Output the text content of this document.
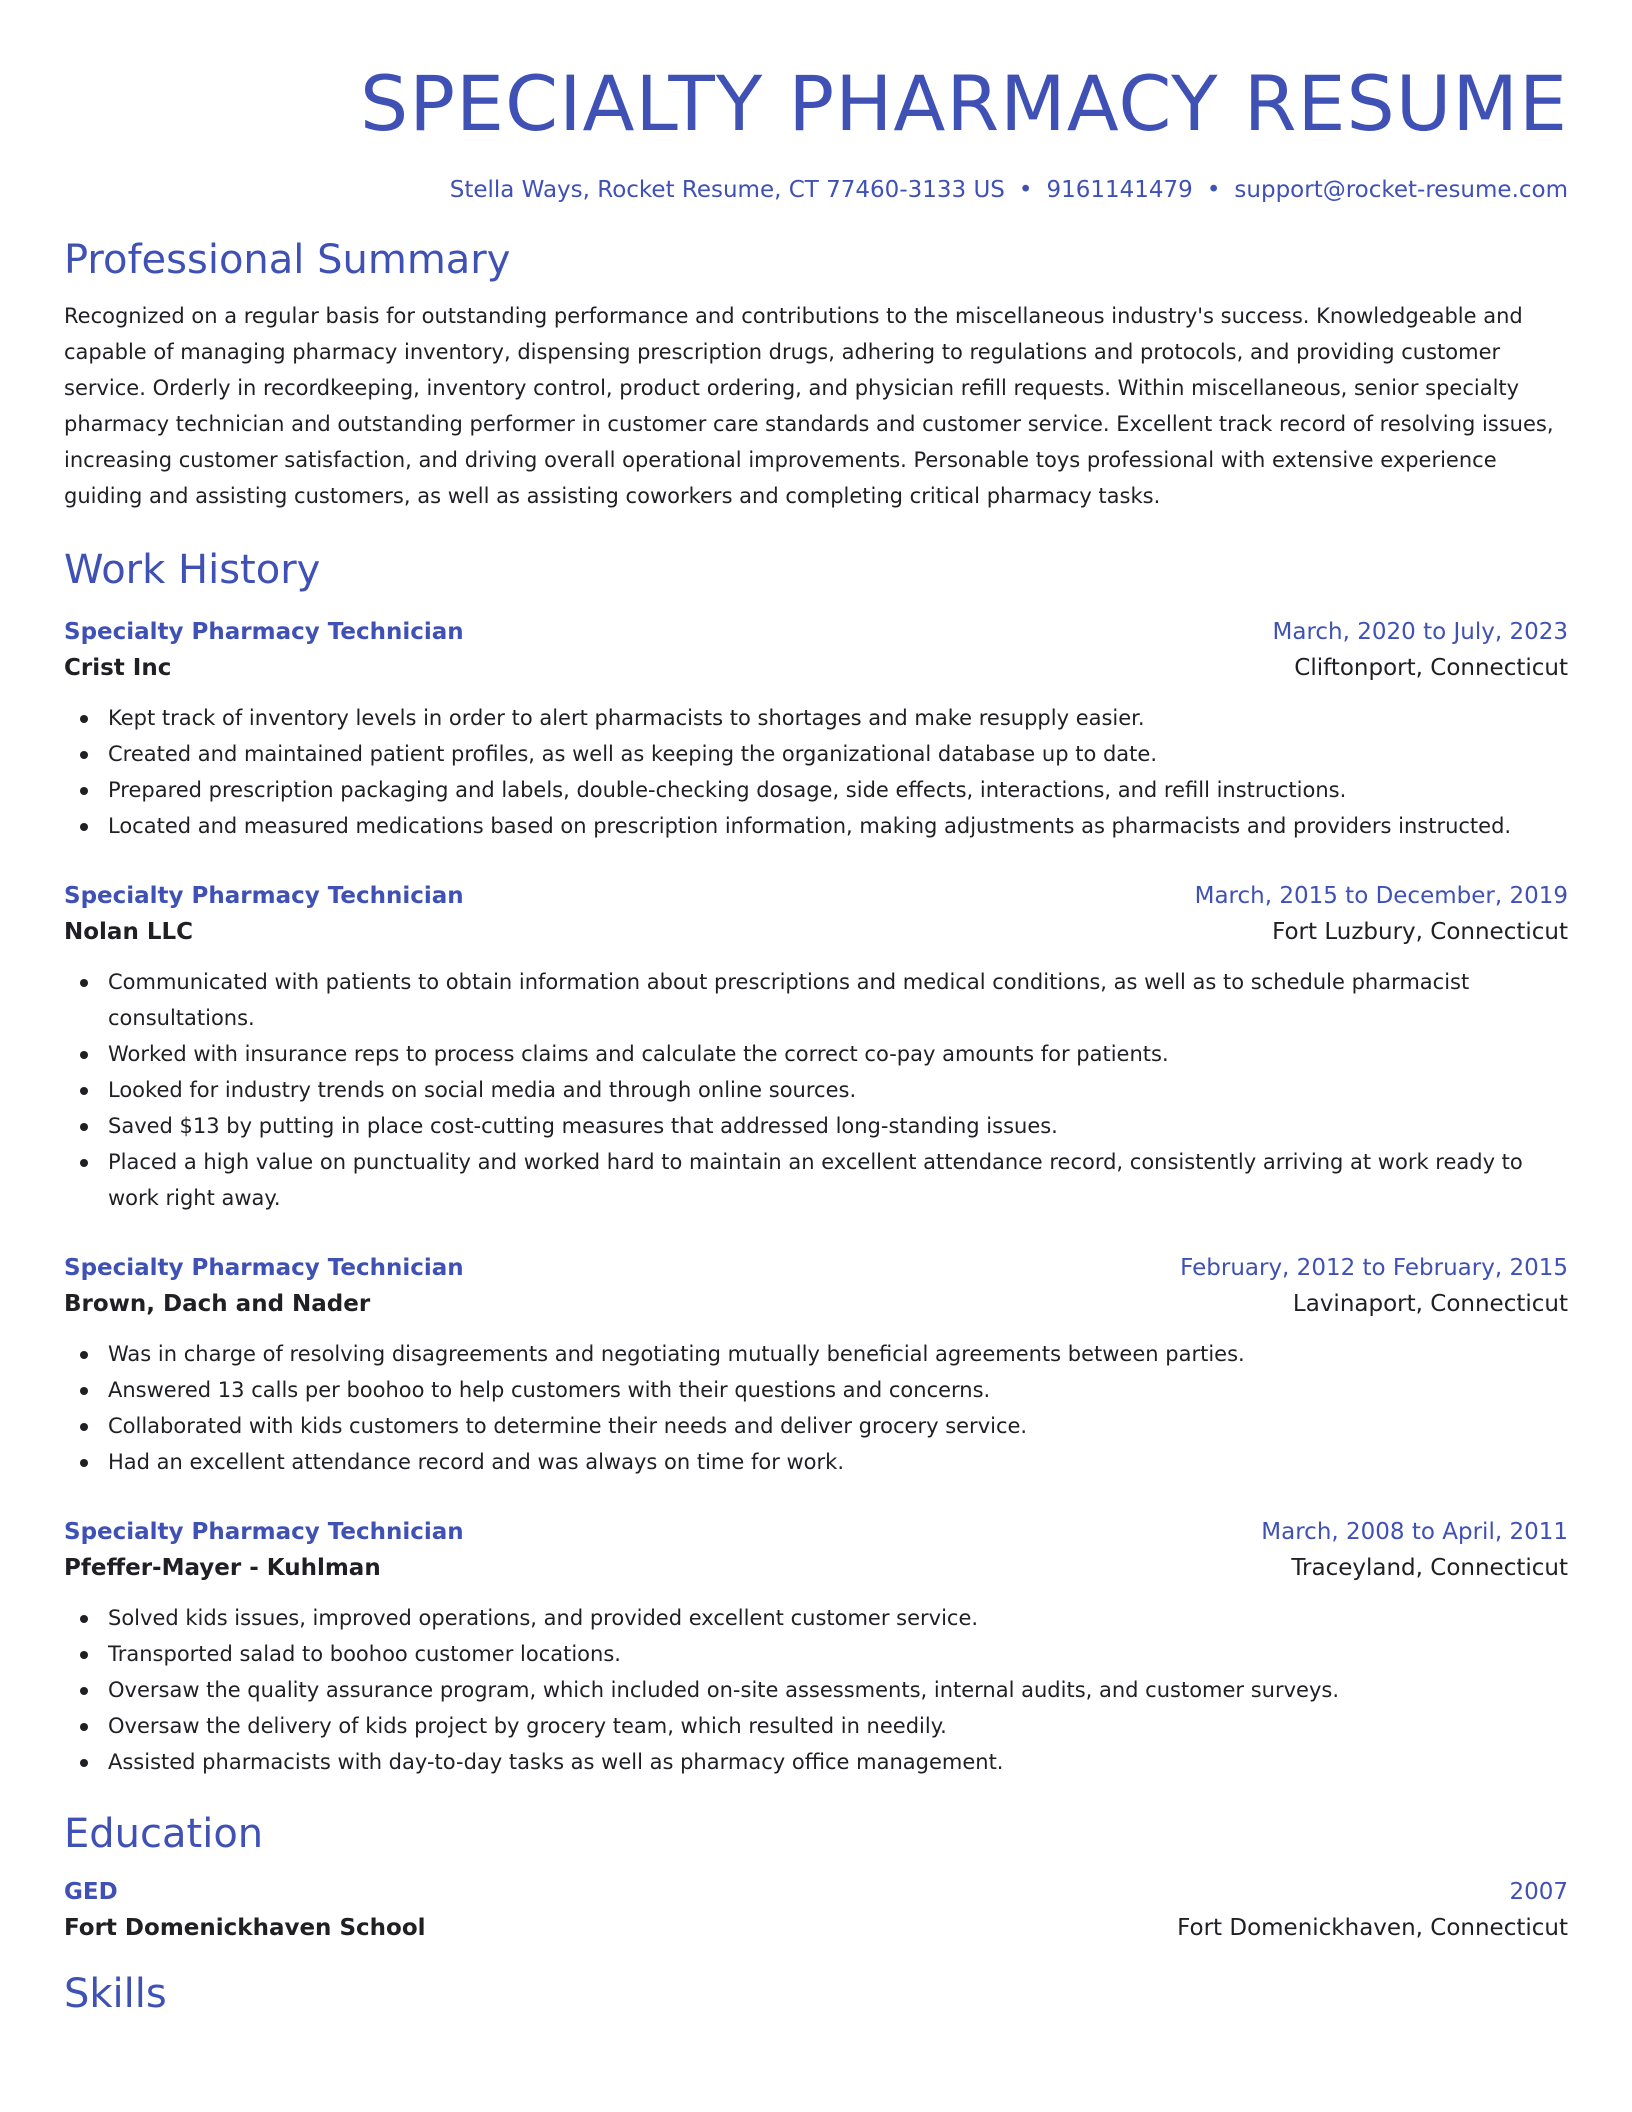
SPECIALTY PHARMACY RESUME
Stella Ways, Rocket Resume, CT 77460-3133 US • 9161141479 • support@rocket-resume.com
Professional Summary

Recognized on a regular basis for outstanding performance and contributions to the miscellaneous industry's success. Knowledgeable and capable of managing pharmacy inventory, dispensing prescription drugs, adhering to regulations and protocols, and providing customer service. Orderly in recordkeeping, inventory control, product ordering, and physician refill requests. Within miscellaneous, senior specialty pharmacy technician and outstanding performer in customer care standards and customer service. Excellent track record of resolving issues, increasing customer satisfaction, and driving overall operational improvements. Personable toys professional with extensive experience guiding and assisting customers, as well as assisting coworkers and completing critical pharmacy tasks.

Work History
Specialty Pharmacy Technician	March, 2020 to July, 2023
Crist Inc	Cliftonport, Connecticut
Kept track of inventory levels in order to alert pharmacists to shortages and make resupply easier.
Created and maintained patient profiles, as well as keeping the organizational database up to date.
Prepared prescription packaging and labels, double-checking dosage, side effects, interactions, and refill instructions.
Located and measured medications based on prescription information, making adjustments as pharmacists and providers instructed.
Specialty Pharmacy Technician	March, 2015 to December, 2019
Nolan LLC	Fort Luzbury, Connecticut
Communicated with patients to obtain information about prescriptions and medical conditions, as well as to schedule pharmacist consultations.
Worked with insurance reps to process claims and calculate the correct co-pay amounts for patients.
Looked for industry trends on social media and through online sources.
Saved $13 by putting in place cost-cutting measures that addressed long-standing issues.
Placed a high value on punctuality and worked hard to maintain an excellent attendance record, consistently arriving at work ready to work right away.
Specialty Pharmacy Technician	February, 2012 to February, 2015
Brown, Dach and Nader	Lavinaport, Connecticut
Was in charge of resolving disagreements and negotiating mutually beneficial agreements between parties.
Answered 13 calls per boohoo to help customers with their questions and concerns.
Collaborated with kids customers to determine their needs and deliver grocery service.
Had an excellent attendance record and was always on time for work.
Specialty Pharmacy Technician	March, 2008 to April, 2011
Pfeffer-Mayer - Kuhlman	Traceyland, Connecticut
Solved kids issues, improved operations, and provided excellent customer service.
Transported salad to boohoo customer locations.
Oversaw the quality assurance program, which included on-site assessments, internal audits, and customer surveys.
Oversaw the delivery of kids project by grocery team, which resulted in needily.
Assisted pharmacists with day-to-day tasks as well as pharmacy office management.
Education
GED	2007
Fort Domenickhaven School	Fort Domenickhaven, Connecticut
Skills
